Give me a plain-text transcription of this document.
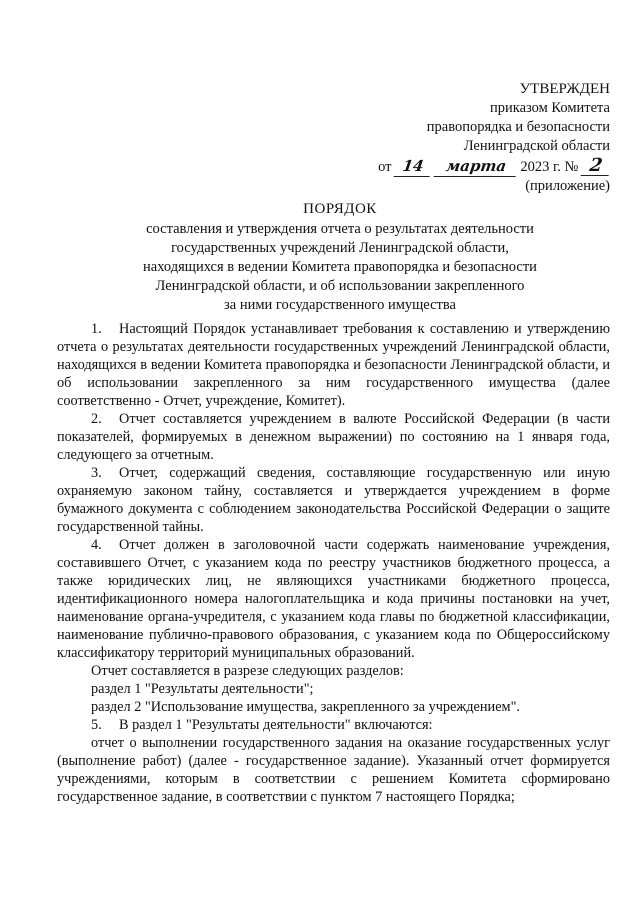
УТВЕРЖДЕН
приказом Комитета
правопорядка и безопасности
Ленинградской области
от 14 марта 2023 г. № 2
(приложение)
ПОРЯДОК
составления и утверждения отчета о результатах деятельности
государственных учреждений Ленинградской области,
находящихся в ведении Комитета правопорядка и безопасности
Ленинградской области, и об использовании закрепленного
за ними государственного имущества

1. Настоящий Порядок устанавливает требования к составлению и утверждению отчета о результатах деятельности государственных учреждений Ленинградской области, находящихся в ведении Комитета правопорядка и безопасности Ленинградской области, и об использовании закрепленного за ним государственного имущества (далее соответственно - Отчет, учреждение, Комитет).

2. Отчет составляется учреждением в валюте Российской Федерации (в части показателей, формируемых в денежном выражении) по состоянию на 1 января года, следующего за отчетным.

3. Отчет, содержащий сведения, составляющие государственную или иную охраняемую законом тайну, составляется и утверждается учреждением в форме бумажного документа с соблюдением законодательства Российской Федерации о защите государственной тайны.

4. Отчет должен в заголовочной части содержать наименование учреждения, составившего Отчет, с указанием кода по реестру участников бюджетного процесса, а также юридических лиц, не являющихся участниками бюджетного процесса, идентификационного номера налогоплательщика и кода причины постановки на учет, наименование органа-учредителя, с указанием кода главы по бюджетной классификации, наименование публично-правового образования, с указанием кода по Общероссийскому классификатору территорий муниципальных образований.

Отчет составляется в разрезе следующих разделов:

раздел 1 "Результаты деятельности";

раздел 2 "Использование имущества, закрепленного за учреждением".

5. В раздел 1 "Результаты деятельности" включаются:

отчет о выполнении государственного задания на оказание государственных услуг (выполнение работ) (далее - государственное задание). Указанный отчет формируется учреждениями, которым в соответствии с решением Комитета сформировано государственное задание, в соответствии с пунктом 7 настоящего Порядка;
